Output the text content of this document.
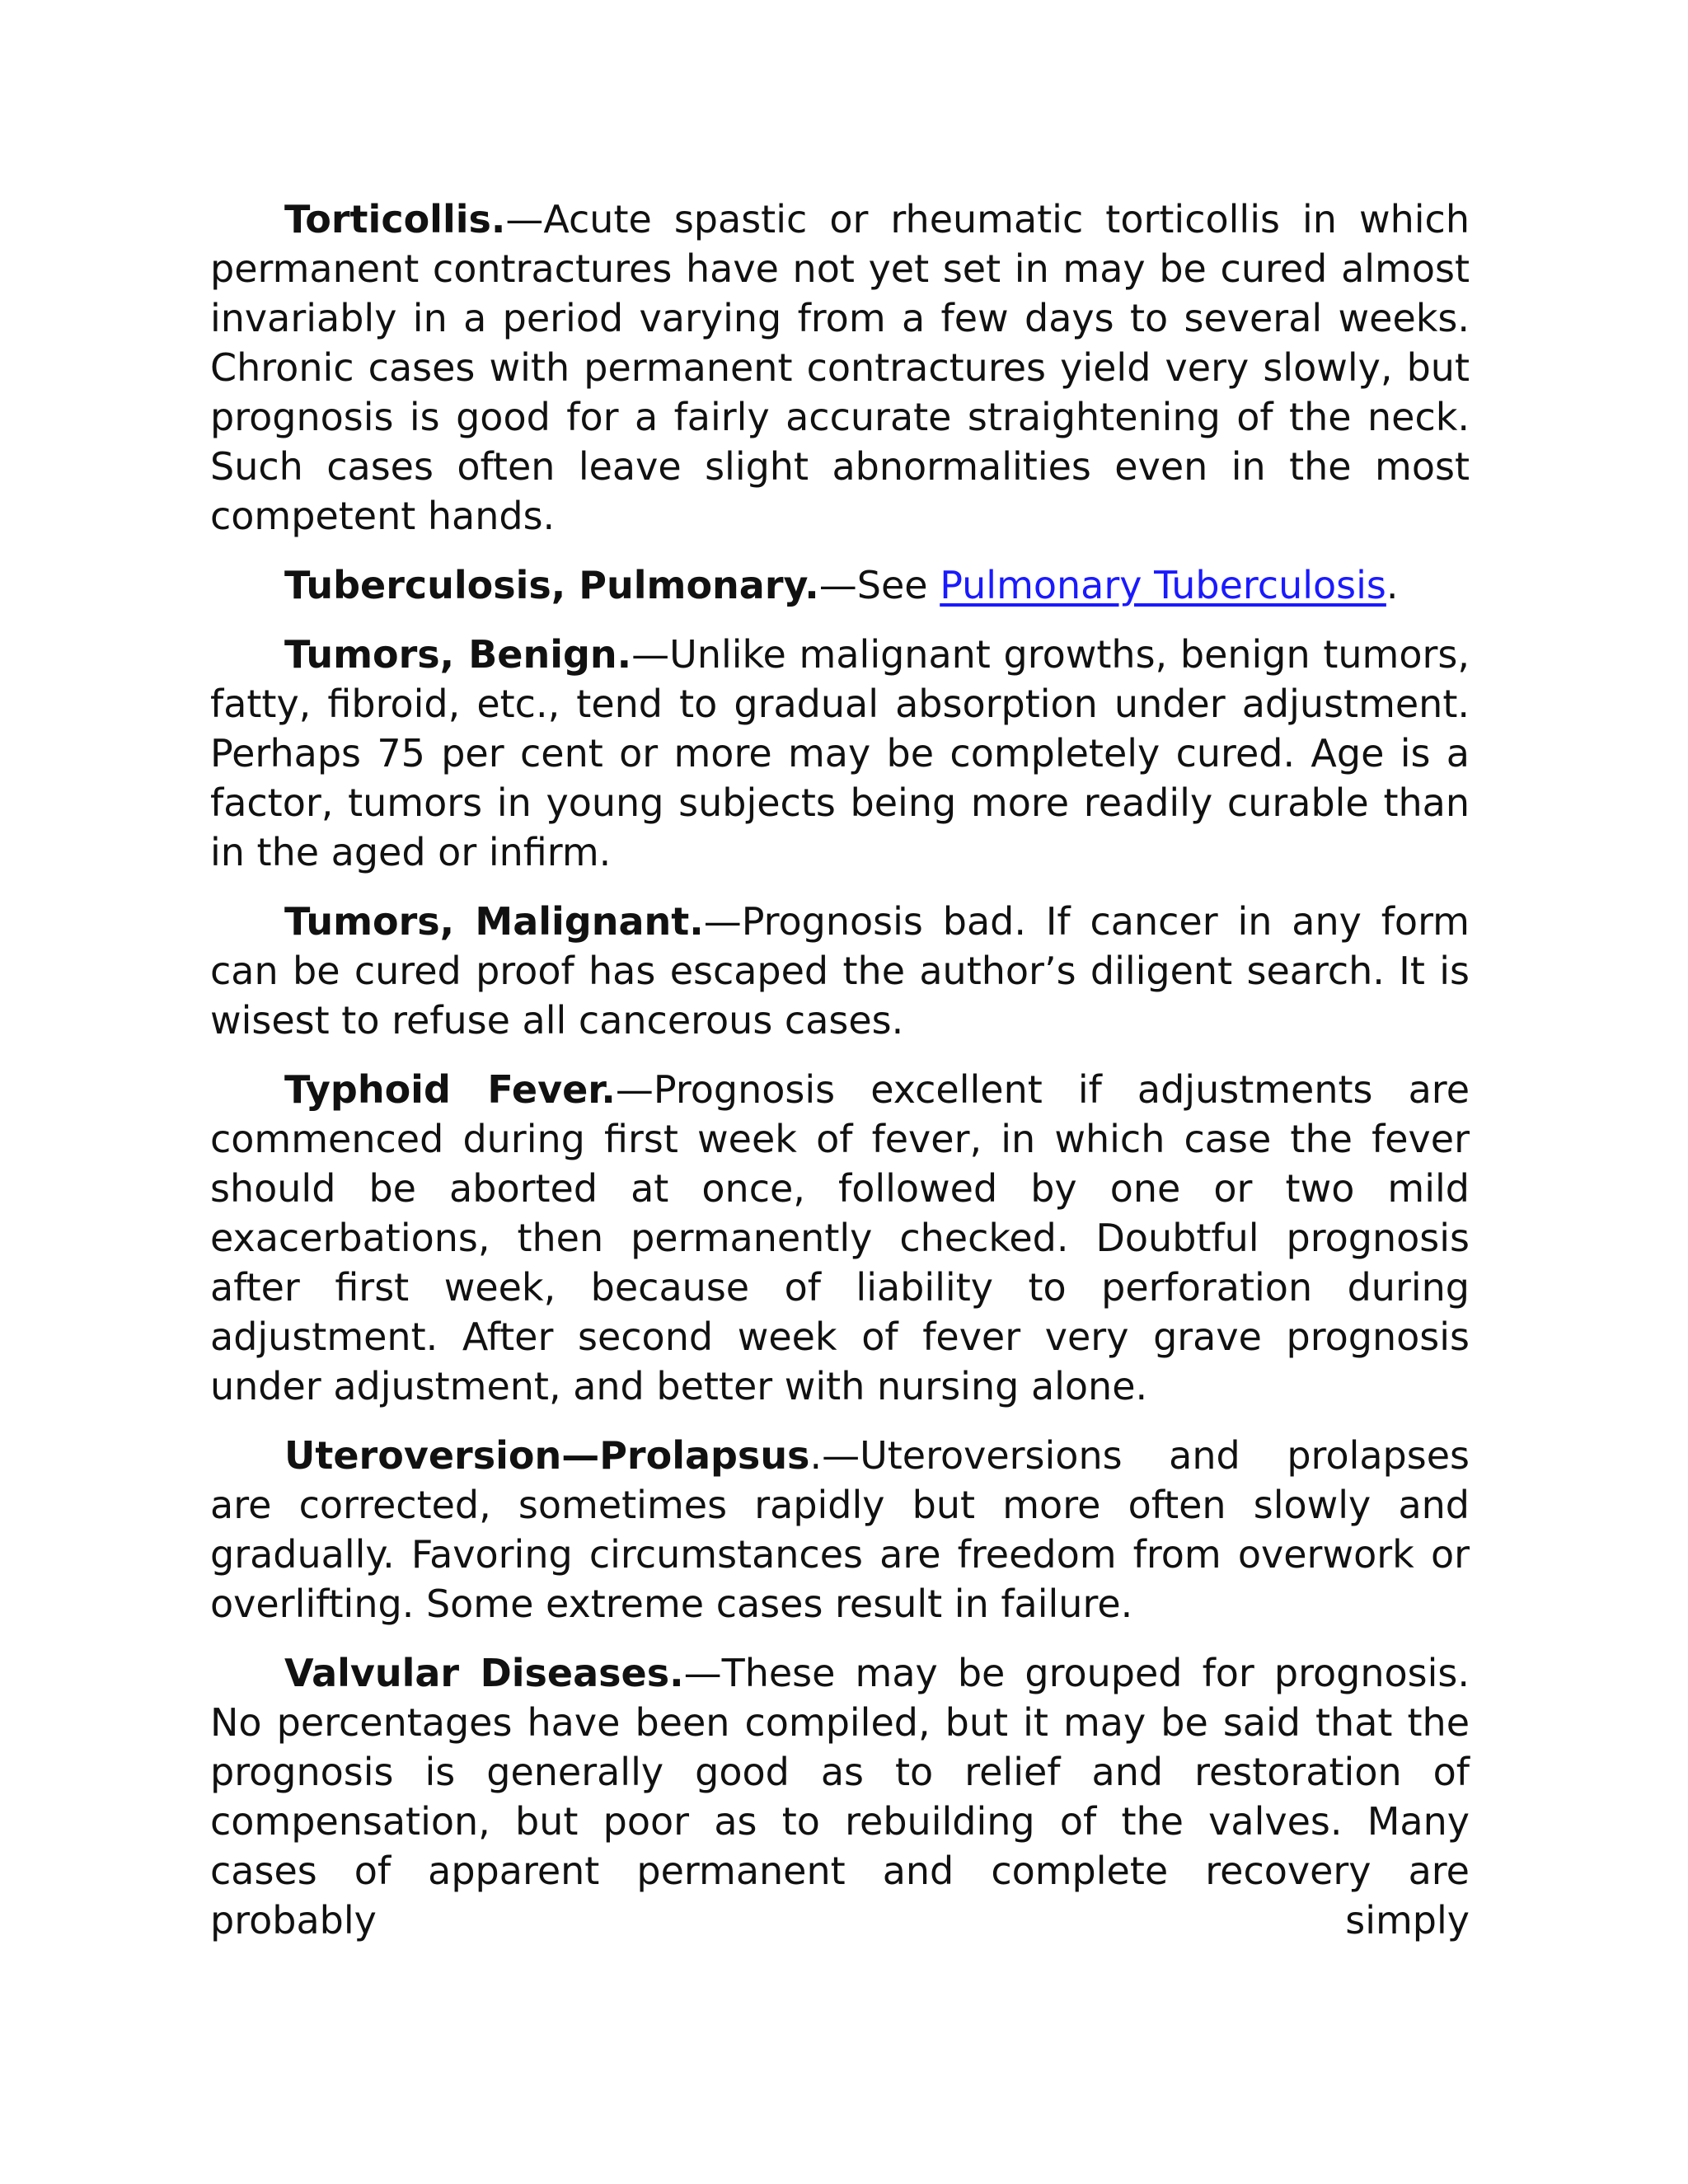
Torticollis.—Acute spastic or rheumatic torticollis in which permanent contractures have not yet set in may be cured almost invariably in a period varying from a few days to several weeks. Chronic cases with permanent contractures yield very slowly, but prognosis is good for a fairly accurate straightening of the neck. Such cases often leave slight abnormalities even in the most competent hands.

Tuberculosis, Pulmonary.—See Pulmonary Tuberculosis.

Tumors, Benign.—Unlike malignant growths, benign tumors, fatty, fibroid, etc., tend to gradual absorption under adjustment. Perhaps 75 per cent or more may be completely cured. Age is a factor, tumors in young subjects being more readily curable than in the aged or infirm.

Tumors, Malignant.—Prognosis bad. If cancer in any form can be cured proof has escaped the author’s diligent search. It is wisest to refuse all cancerous cases.

Typhoid Fever.—Prognosis excellent if adjustments are commenced during first week of fever, in which case the fever should be aborted at once, followed by one or two mild exacerbations, then permanently checked. Doubtful prognosis after first week, because of liability to perforation during adjustment. After second week of fever very grave prognosis under adjustment, and better with nursing alone.

Uteroversion—Prolapsus.—Uteroversions and prolapses are corrected, sometimes rapidly but more often slowly and gradually. Favoring circumstances are freedom from overwork or overlifting. Some extreme cases result in failure.

Valvular Diseases.—These may be grouped for prognosis. No percentages have been compiled, but it may be said that the prognosis is generally good as to relief and restoration of compensation, but poor as to rebuilding of the valves. Many cases of apparent permanent and complete recovery are probably simply
